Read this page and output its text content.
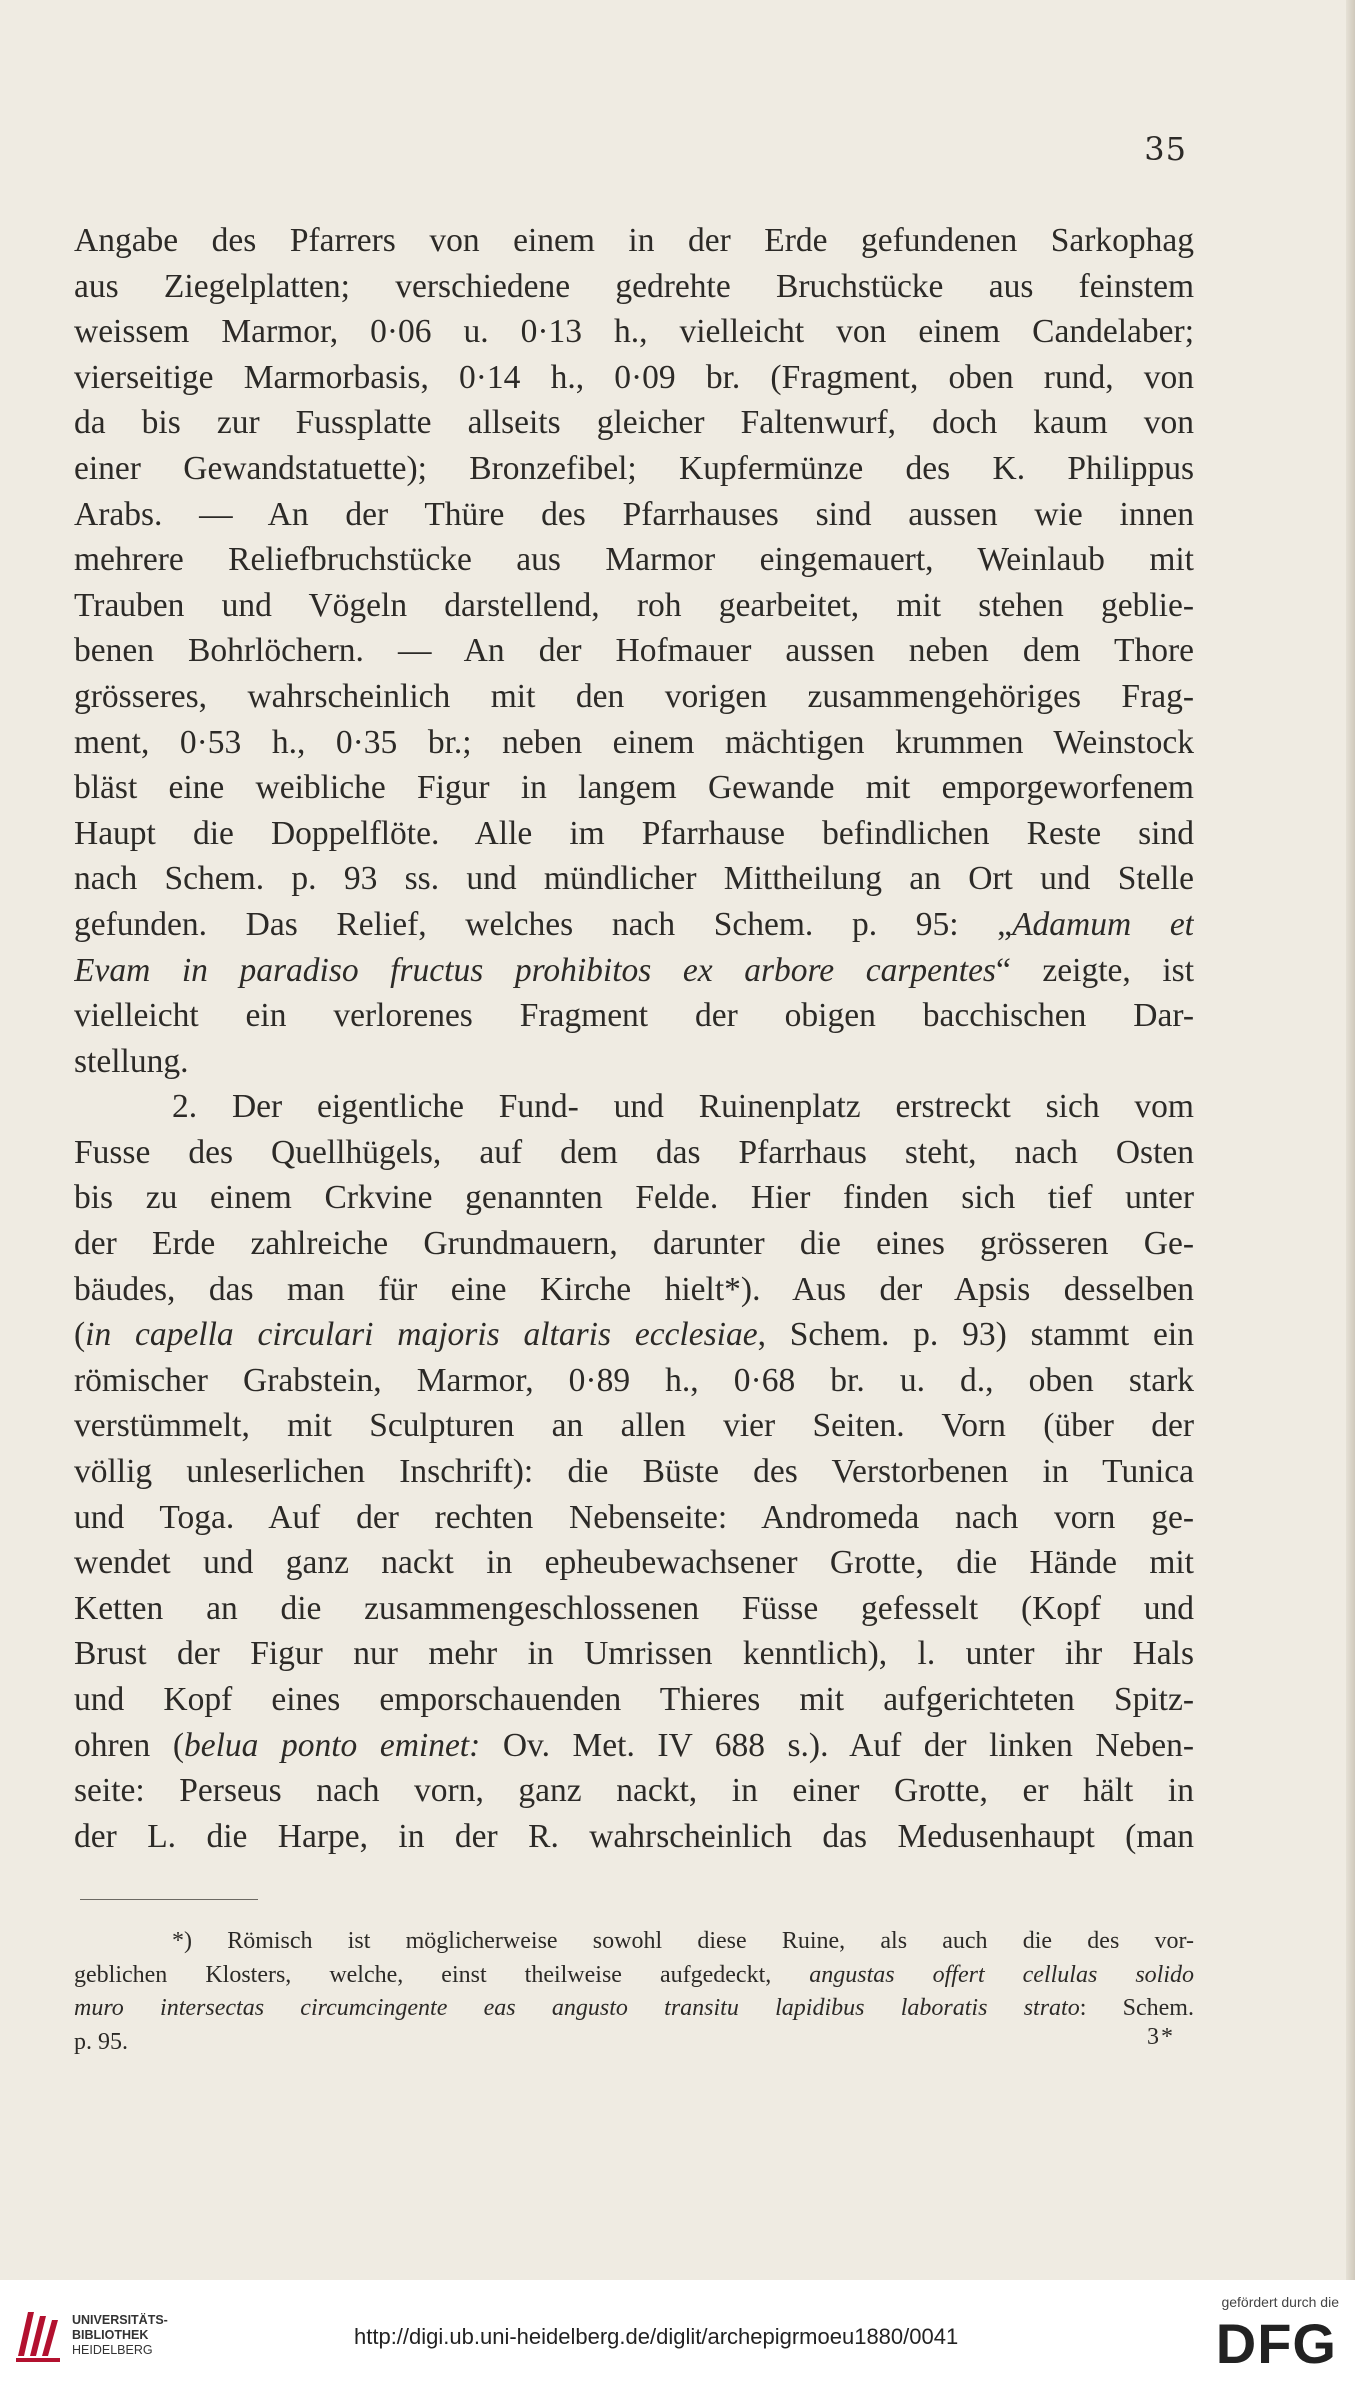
35
Angabe des Pfarrers von einem in der Erde gefundenen Sarkophag
aus Ziegelplatten; verschiedene gedrehte Bruchstücke aus feinstem
weissem Marmor, 0·06 u. 0·13 h., vielleicht von einem Candelaber;
vierseitige Marmorbasis, 0·14 h., 0·09 br. (Fragment, oben rund, von
da bis zur Fussplatte allseits gleicher Faltenwurf, doch kaum von
einer Gewandstatuette); Bronzefibel; Kupfermünze des K. Philippus
Arabs. — An der Thüre des Pfarrhauses sind aussen wie innen
mehrere Reliefbruchstücke aus Marmor eingemauert, Weinlaub mit
Trauben und Vögeln darstellend, roh gearbeitet, mit stehen geblie-
benen Bohrlöchern. — An der Hofmauer aussen neben dem Thore
grösseres, wahrscheinlich mit den vorigen zusammengehöriges Frag-
ment, 0·53 h., 0·35 br.; neben einem mächtigen krummen Weinstock
bläst eine weibliche Figur in langem Gewande mit emporgeworfenem
Haupt die Doppelflöte. Alle im Pfarrhause befindlichen Reste sind
nach Schem. p. 93 ss. und mündlicher Mittheilung an Ort und Stelle
gefunden. Das Relief, welches nach Schem. p. 95: „Adamum et
Evam in paradiso fructus prohibitos ex arbore carpentes“ zeigte, ist
vielleicht ein verlorenes Fragment der obigen bacchischen Dar-
stellung.
2. Der eigentliche Fund- und Ruinenplatz erstreckt sich vom
Fusse des Quellhügels, auf dem das Pfarrhaus steht, nach Osten
bis zu einem Crkvine genannten Felde. Hier finden sich tief unter
der Erde zahlreiche Grundmauern, darunter die eines grösseren Ge-
bäudes, das man für eine Kirche hielt*). Aus der Apsis desselben
(in capella circulari majoris altaris ecclesiae, Schem. p. 93) stammt ein
römischer Grabstein, Marmor, 0·89 h., 0·68 br. u. d., oben stark
verstümmelt, mit Sculpturen an allen vier Seiten. Vorn (über der
völlig unleserlichen Inschrift): die Büste des Verstorbenen in Tunica
und Toga. Auf der rechten Nebenseite: Andromeda nach vorn ge-
wendet und ganz nackt in epheubewachsener Grotte, die Hände mit
Ketten an die zusammengeschlossenen Füsse gefesselt (Kopf und
Brust der Figur nur mehr in Umrissen kenntlich), l. unter ihr Hals
und Kopf eines emporschauenden Thieres mit aufgerichteten Spitz-
ohren (belua ponto eminet: Ov. Met. IV 688 s.). Auf der linken Neben-
seite: Perseus nach vorn, ganz nackt, in einer Grotte, er hält in
der L. die Harpe, in der R. wahrscheinlich das Medusenhaupt (man
*) Römisch ist möglicherweise sowohl diese Ruine, als auch die des vor-
geblichen Klosters, welche, einst theilweise aufgedeckt, angustas offert cellulas solido
muro intersectas circumcingente eas angusto transitu lapidibus laboratis strato: Schem.
p. 95.	3*
UNIVERSITÄTS-
BIBLIOTHEK
HEIDELBERG
http://digi.ub.uni-heidelberg.de/diglit/archepigrmoeu1880/0041
gefördert durch die
DFG
